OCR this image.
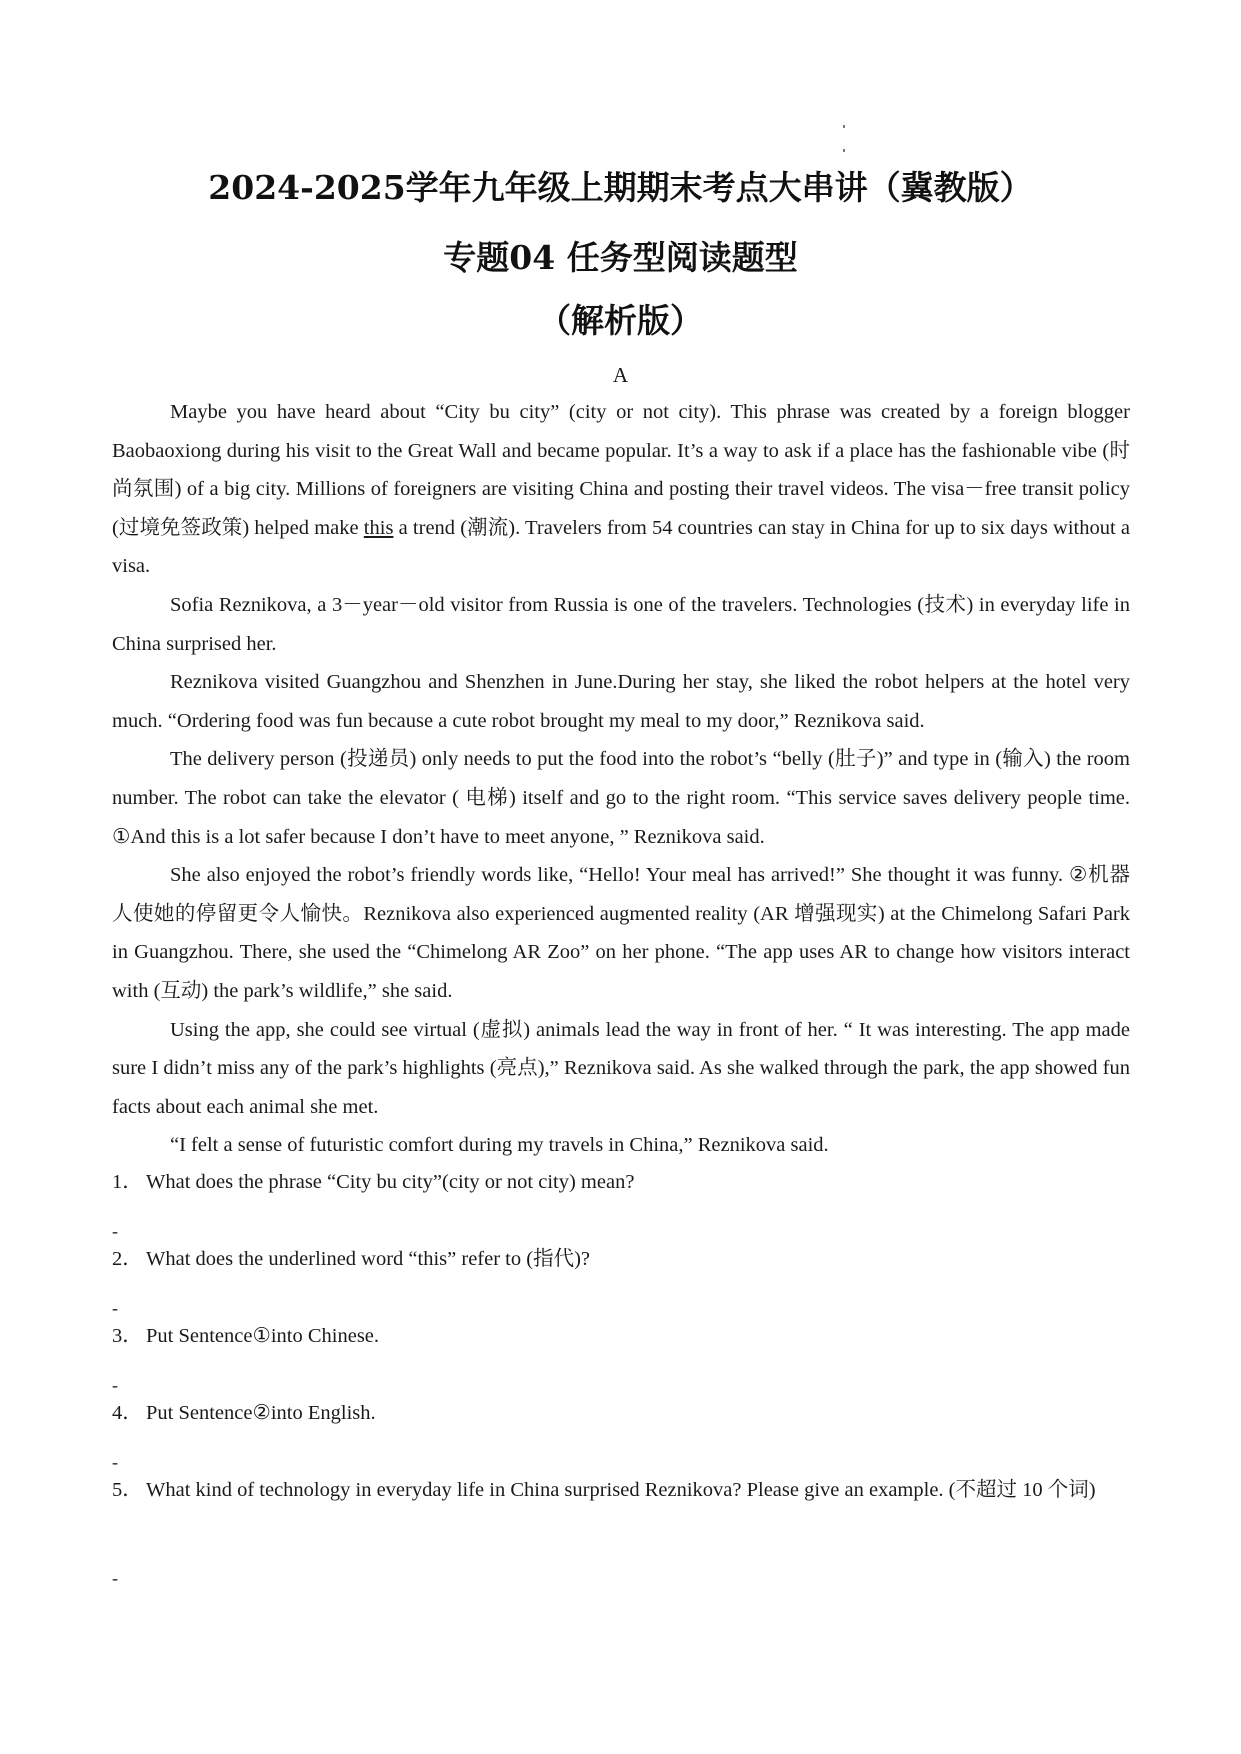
2024-2025学年九年级上期期末考点大串讲（冀教版）
专题04 任务型阅读题型
（解析版）
A

Maybe you have heard about “City bu city” (city or not city). This phrase was created by a foreign blogger Baobaoxiong during his visit to the Great Wall and became popular. It’s a way to ask if a place has the fashionable vibe (时尚氛围) of a big city. Millions of foreigners are visiting China and posting their travel videos. The visa－free transit policy (过境免签政策) helped make this a trend (潮流). Travelers from 54 countries can stay in China for up to six days without a visa.

Sofia Reznikova, a 3－year－old visitor from Russia is one of the travelers. Technologies (技术) in everyday life in China surprised her.

Reznikova visited Guangzhou and Shenzhen in June.During her stay, she liked the robot helpers at the hotel very much. “Ordering food was fun because a cute robot brought my meal to my door,” Reznikova said.

The delivery person (投递员) only needs to put the food into the robot’s “belly (肚子)” and type in (输入) the room number. The robot can take the elevator ( 电梯) itself and go to the right room. “This service saves delivery people time. ①And this is a lot safer because I don’t have to meet anyone, ” Reznikova said.

She also enjoyed the robot’s friendly words like, “Hello! Your meal has arrived!” She thought it was funny. ②机器人使她的停留更令人愉快。Reznikova also experienced augmented reality (AR 增强现实) at the Chimelong Safari Park in Guangzhou. There, she used the “Chimelong AR Zoo” on her phone. “The app uses AR to change how visitors interact with (互动) the park’s wildlife,” she said.

Using the app, she could see virtual (虚拟) animals lead the way in front of her. “ It was interesting. The app made sure I didn’t miss any of the park’s highlights (亮点),” Reznikova said. As she walked through the park, the app showed fun facts about each animal she met.

“I felt a sense of futuristic comfort during my travels in China,” Reznikova said.

1． What does the phrase “City bu city”(city or not city) mean?
-
2． What does the underlined word “this” refer to (指代)?
-
3． Put Sentence①into Chinese.
-
4． Put Sentence②into English.
-
5． What kind of technology in everyday life in China surprised Reznikova? Please give an example. (不超过 10 个词)
-
